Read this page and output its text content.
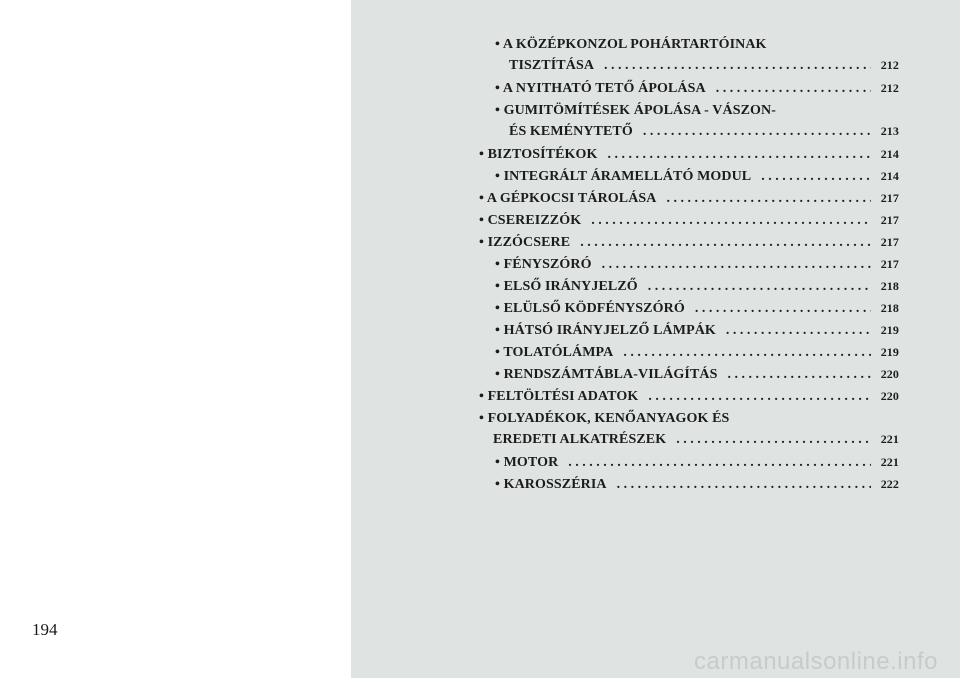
194
• A KÖZÉPKONZOL POHÁRTARTÓINAK
TISZTÍTÁSA . . .	212
• A NYITHATÓ TETŐ ÁPOLÁSA . . .	212
• GUMITÖMÍTÉSEK ÁPOLÁSA - VÁSZON-
ÉS KEMÉNYTETŐ . . .	213
• BIZTOSÍTÉKOK . . .	214
• INTEGRÁLT ÁRAMELLÁTÓ MODUL . . .	214
• A GÉPKOCSI TÁROLÁSA . . .	217
• CSEREIZZÓK . . .	217
• IZZÓCSERE . . .	217
• FÉNYSZÓRÓ . . .	217
• ELSŐ IRÁNYJELZŐ . . .	218
• ELÜLSŐ KÖDFÉNYSZÓRÓ . . .	218
• HÁTSÓ IRÁNYJELZŐ LÁMPÁK . . .	219
• TOLATÓLÁMPA . . .	219
• RENDSZÁMTÁBLA-VILÁGÍTÁS . . .	220
• FELTÖLTÉSI ADATOK . . .	220
• FOLYADÉKOK, KENŐANYAGOK ÉS
EREDETI ALKATRÉSZEK . . .	221
• MOTOR . . .	221
• KAROSSZÉRIA . . .	222
carmanualsonline.info
